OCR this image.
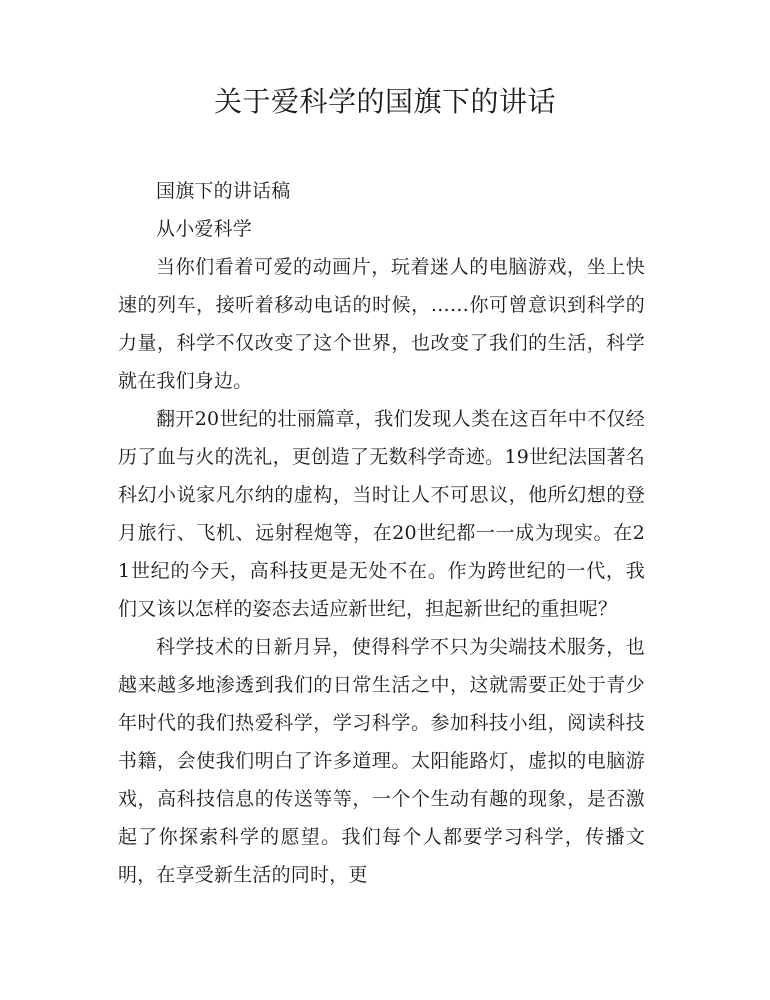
关于爱科学的国旗下的讲话

国旗下的讲话稿

从小爱科学

当你们看着可爱的动画片，玩着迷人的电脑游戏，坐上快速的列车，接听着移动电话的时候，……你可曾意识到科学的力量，科学不仅改变了这个世界，也改变了我们的生活，科学就在我们身边。

翻开20世纪的壮丽篇章，我们发现人类在这百年中不仅经历了血与火的洗礼，更创造了无数科学奇迹。19世纪法国著名科幻小说家凡尔纳的虚构，当时让人不可思议，他所幻想的登月旅行、飞机、远射程炮等，在20世纪都一一成为现实。在21世纪的今天，高科技更是无处不在。作为跨世纪的一代，我们又该以怎样的姿态去适应新世纪，担起新世纪的重担呢？

科学技术的日新月异，使得科学不只为尖端技术服务，也越来越多地渗透到我们的日常生活之中，这就需要正处于青少年时代的我们热爱科学，学习科学。参加科技小组，阅读科技书籍，会使我们明白了许多道理。太阳能路灯，虚拟的电脑游戏，高科技信息的传送等等，一个个生动有趣的现象，是否激起了你探索科学的愿望。我们每个人都要学习科学，传播文明，在享受新生活的同时，更
